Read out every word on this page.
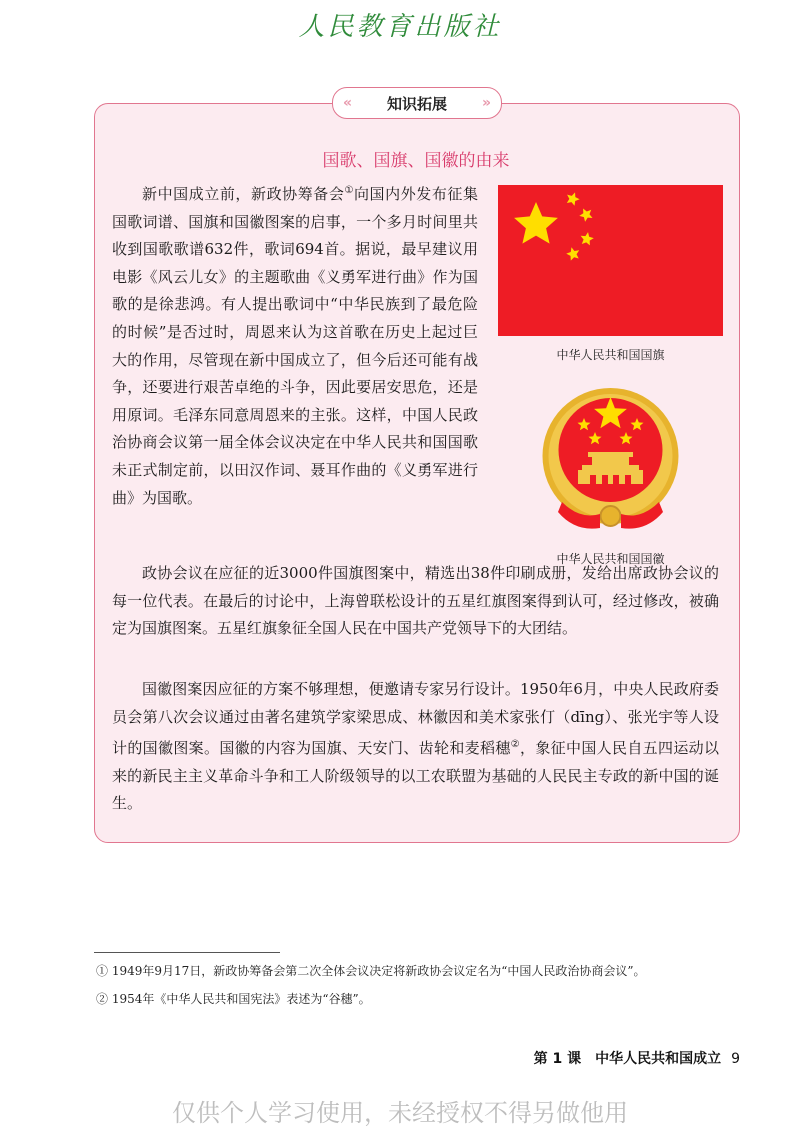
人民教育出版社
« 知识拓展 »
国歌、国旗、国徽的由来
新中国成立前，新政协筹备会①向国内外发布征集国歌词谱、国旗和国徽图案的启事，一个多月时间里共收到国歌歌谱632件，歌词694首。据说，最早建议用电影《风云儿女》的主题歌曲《义勇军进行曲》作为国歌的是徐悲鸿。有人提出歌词中“中华民族到了最危险的时候”是否过时，周恩来认为这首歌在历史上起过巨大的作用，尽管现在新中国成立了，但今后还可能有战争，还要进行艰苦卓绝的斗争，因此要居安思危，还是用原词。毛泽东同意周恩来的主张。这样，中国人民政治协商会议第一届全体会议决定在中华人民共和国国歌未正式制定前，以田汉作词、聂耳作曲的《义勇军进行曲》为国歌。
中华人民共和国国旗
中华人民共和国国徽
政协会议在应征的近3000件国旗图案中，精选出38件印刷成册，发给出席政协会议的每一位代表。在最后的讨论中，上海曾联松设计的五星红旗图案得到认可，经过修改，被确定为国旗图案。五星红旗象征全国人民在中国共产党领导下的大团结。
国徽图案因应征的方案不够理想，便邀请专家另行设计。1950年6月，中央人民政府委员会第八次会议通过由著名建筑学家梁思成、林徽因和美术家张仃（dīng）、张光宇等人设计的国徽图案。国徽的内容为国旗、天安门、齿轮和麦稻穗②，象征中国人民自五四运动以来的新民主主义革命斗争和工人阶级领导的以工农联盟为基础的人民民主专政的新中国的诞生。
① 1949年9月17日，新政协筹备会第二次全体会议决定将新政协会议定名为“中国人民政治协商会议”。
② 1954年《中华人民共和国宪法》表述为“谷穗”。
第 1 课　中华人民共和国成立 9
仅供个人学习使用，未经授权不得另做他用
